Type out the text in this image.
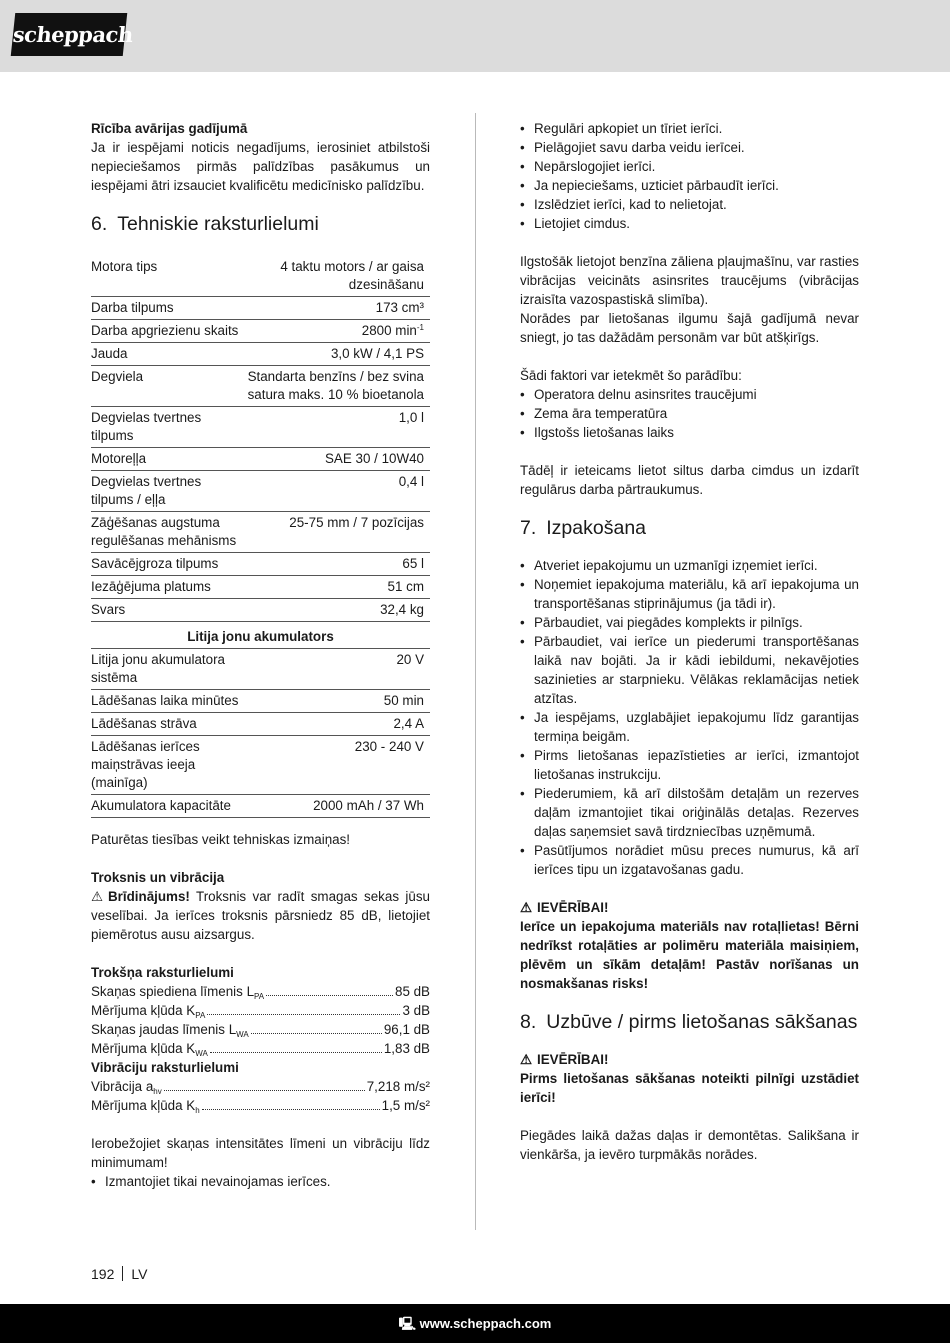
scheppach
Rīcība avārijas gadījumā
Ja ir iespējami noticis negadījums, ierosiniet atbilstoši nepieciešamos pirmās palīdzības pasākumus un iespējami ātri izsauciet kvalificētu medicīnisko palīdzību.
6. Tehniskie raksturlielumi
Motora tips	4 taktu motors / ar gaisa dzesināšanu
Darba tilpums	173 cm³
Darba apgriezienu skaits	2800 $\min^{-1}$
Jauda	3,0 kW / 4,1 PS
Degviela	Standarta benzīns / bez svina satura maks. 10 % bioetanola
Degvielas tvertnes tilpums	1,0 l
Motoreļļa	SAE 30 / 10W40
Degvielas tvertnes tilpums / eļļa	0,4 l
Zāģēšanas augstuma regulēšanas mehānisms	25-75 mm / 7 pozīcijas
Savācējgroza tilpums	65 l
Iezāģējuma platums	51 cm
Svars	32,4 kg
Litija jonu akumulators	
Litija jonu akumulatora sistēma	20 V
Lādēšanas laika minūtes	50 min
Lādēšanas strāva	2,4 A
Lādēšanas ierīces maiņstrāvas ieeja (mainīga)	230 - 240 V
Akumulatora kapacitāte	2000 mAh / 37 Wh
Paturētas tiesības veikt tehniskas izmaiņas!
Troksnis un vibrācija
⚠ Brīdinājums! Troksnis var radīt smagas sekas jūsu veselībai. Ja ierīces troksnis pārsniedz 85 dB, lietojiet piemērotus ausu aizsargus.
Trokšņa raksturlielumi
Skaņas spiediena līmenis $L_{PA}$	85 dB
Mērījuma kļūda $K_{PA}$	3 dB
Skaņas jaudas līmenis $L_{WA}$	96,1 dB
Mērījuma kļūda $K_{WA}$	1,83 dB
Vibrāciju raksturlielumi
Vibrācija $a_{hv}$	7,218 m/s²
Mērījuma kļūda $K_h$	1,5 m/s²
Ierobežojiet skaņas intensitātes līmeni un vibrāciju līdz minimumam!
• Izmantojiet tikai nevainojamas ierīces.
• Regulāri apkopiet un tīriet ierīci.
• Pielāgojiet savu darba veidu ierīcei.
• Nepārslogojiet ierīci.
• Ja nepieciešams, uzticiet pārbaudīt ierīci.
• Izslēdziet ierīci, kad to nelietojat.
• Lietojiet cimdus.
Ilgstošāk lietojot benzīna zāliena pļaujmašīnu, var rasties vibrācijas veicināts asinsrites traucējums (vibrācijas izraisīta vazospastiskā slimība).
Norādes par lietošanas ilgumu šajā gadījumā nevar sniegt, jo tas dažādām personām var būt atšķirīgs.
Šādi faktori var ietekmēt šo parādību:
• Operatora delnu asinsrites traucējumi
• Zema āra temperatūra
• Ilgstošs lietošanas laiks
Tādēļ ir ieteicams lietot siltus darba cimdus un izdarīt regulārus darba pārtraukumus.
7. Izpakošana
• Atveriet iepakojumu un uzmanīgi izņemiet ierīci.
• Noņemiet iepakojuma materiālu, kā arī iepakojuma un transportēšanas stiprinājumus (ja tādi ir).
• Pārbaudiet, vai piegādes komplekts ir pilnīgs.
• Pārbaudiet, vai ierīce un piederumi transportēšanas laikā nav bojāti. Ja ir kādi iebildumi, nekavējoties sazinieties ar starpnieku. Vēlākas reklamācijas netiek atzītas.
• Ja iespējams, uzglabājiet iepakojumu līdz garantijas termiņa beigām.
• Pirms lietošanas iepazīstieties ar ierīci, izmantojot lietošanas instrukciju.
• Piederumiem, kā arī dilstošām detaļām un rezerves daļām izmantojiet tikai oriģinālās detaļas. Rezerves daļas saņemsiet savā tirdzniecības uzņēmumā.
• Pasūtījumos norādiet mūsu preces numurus, kā arī ierīces tipu un izgatavošanas gadu.
⚠ IEVĒRĪBAI!
Ierīce un iepakojuma materiāls nav rotaļlietas! Bērni nedrīkst rotaļāties ar polimēru materiāla maisiņiem, plēvēm un sīkām detaļām! Pastāv norīšanas un nosmakšanas risks!
8. Uzbūve / pirms lietošanas sākšanas
⚠ IEVĒRĪBAI!
Pirms lietošanas sākšanas noteikti pilnīgi uzstādiet ierīci!
Piegādes laikā dažas daļas ir demontētas. Salikšana ir vienkārša, ja ievēro turpmākās norādes.
192 LV
🖳 www.scheppach.com
